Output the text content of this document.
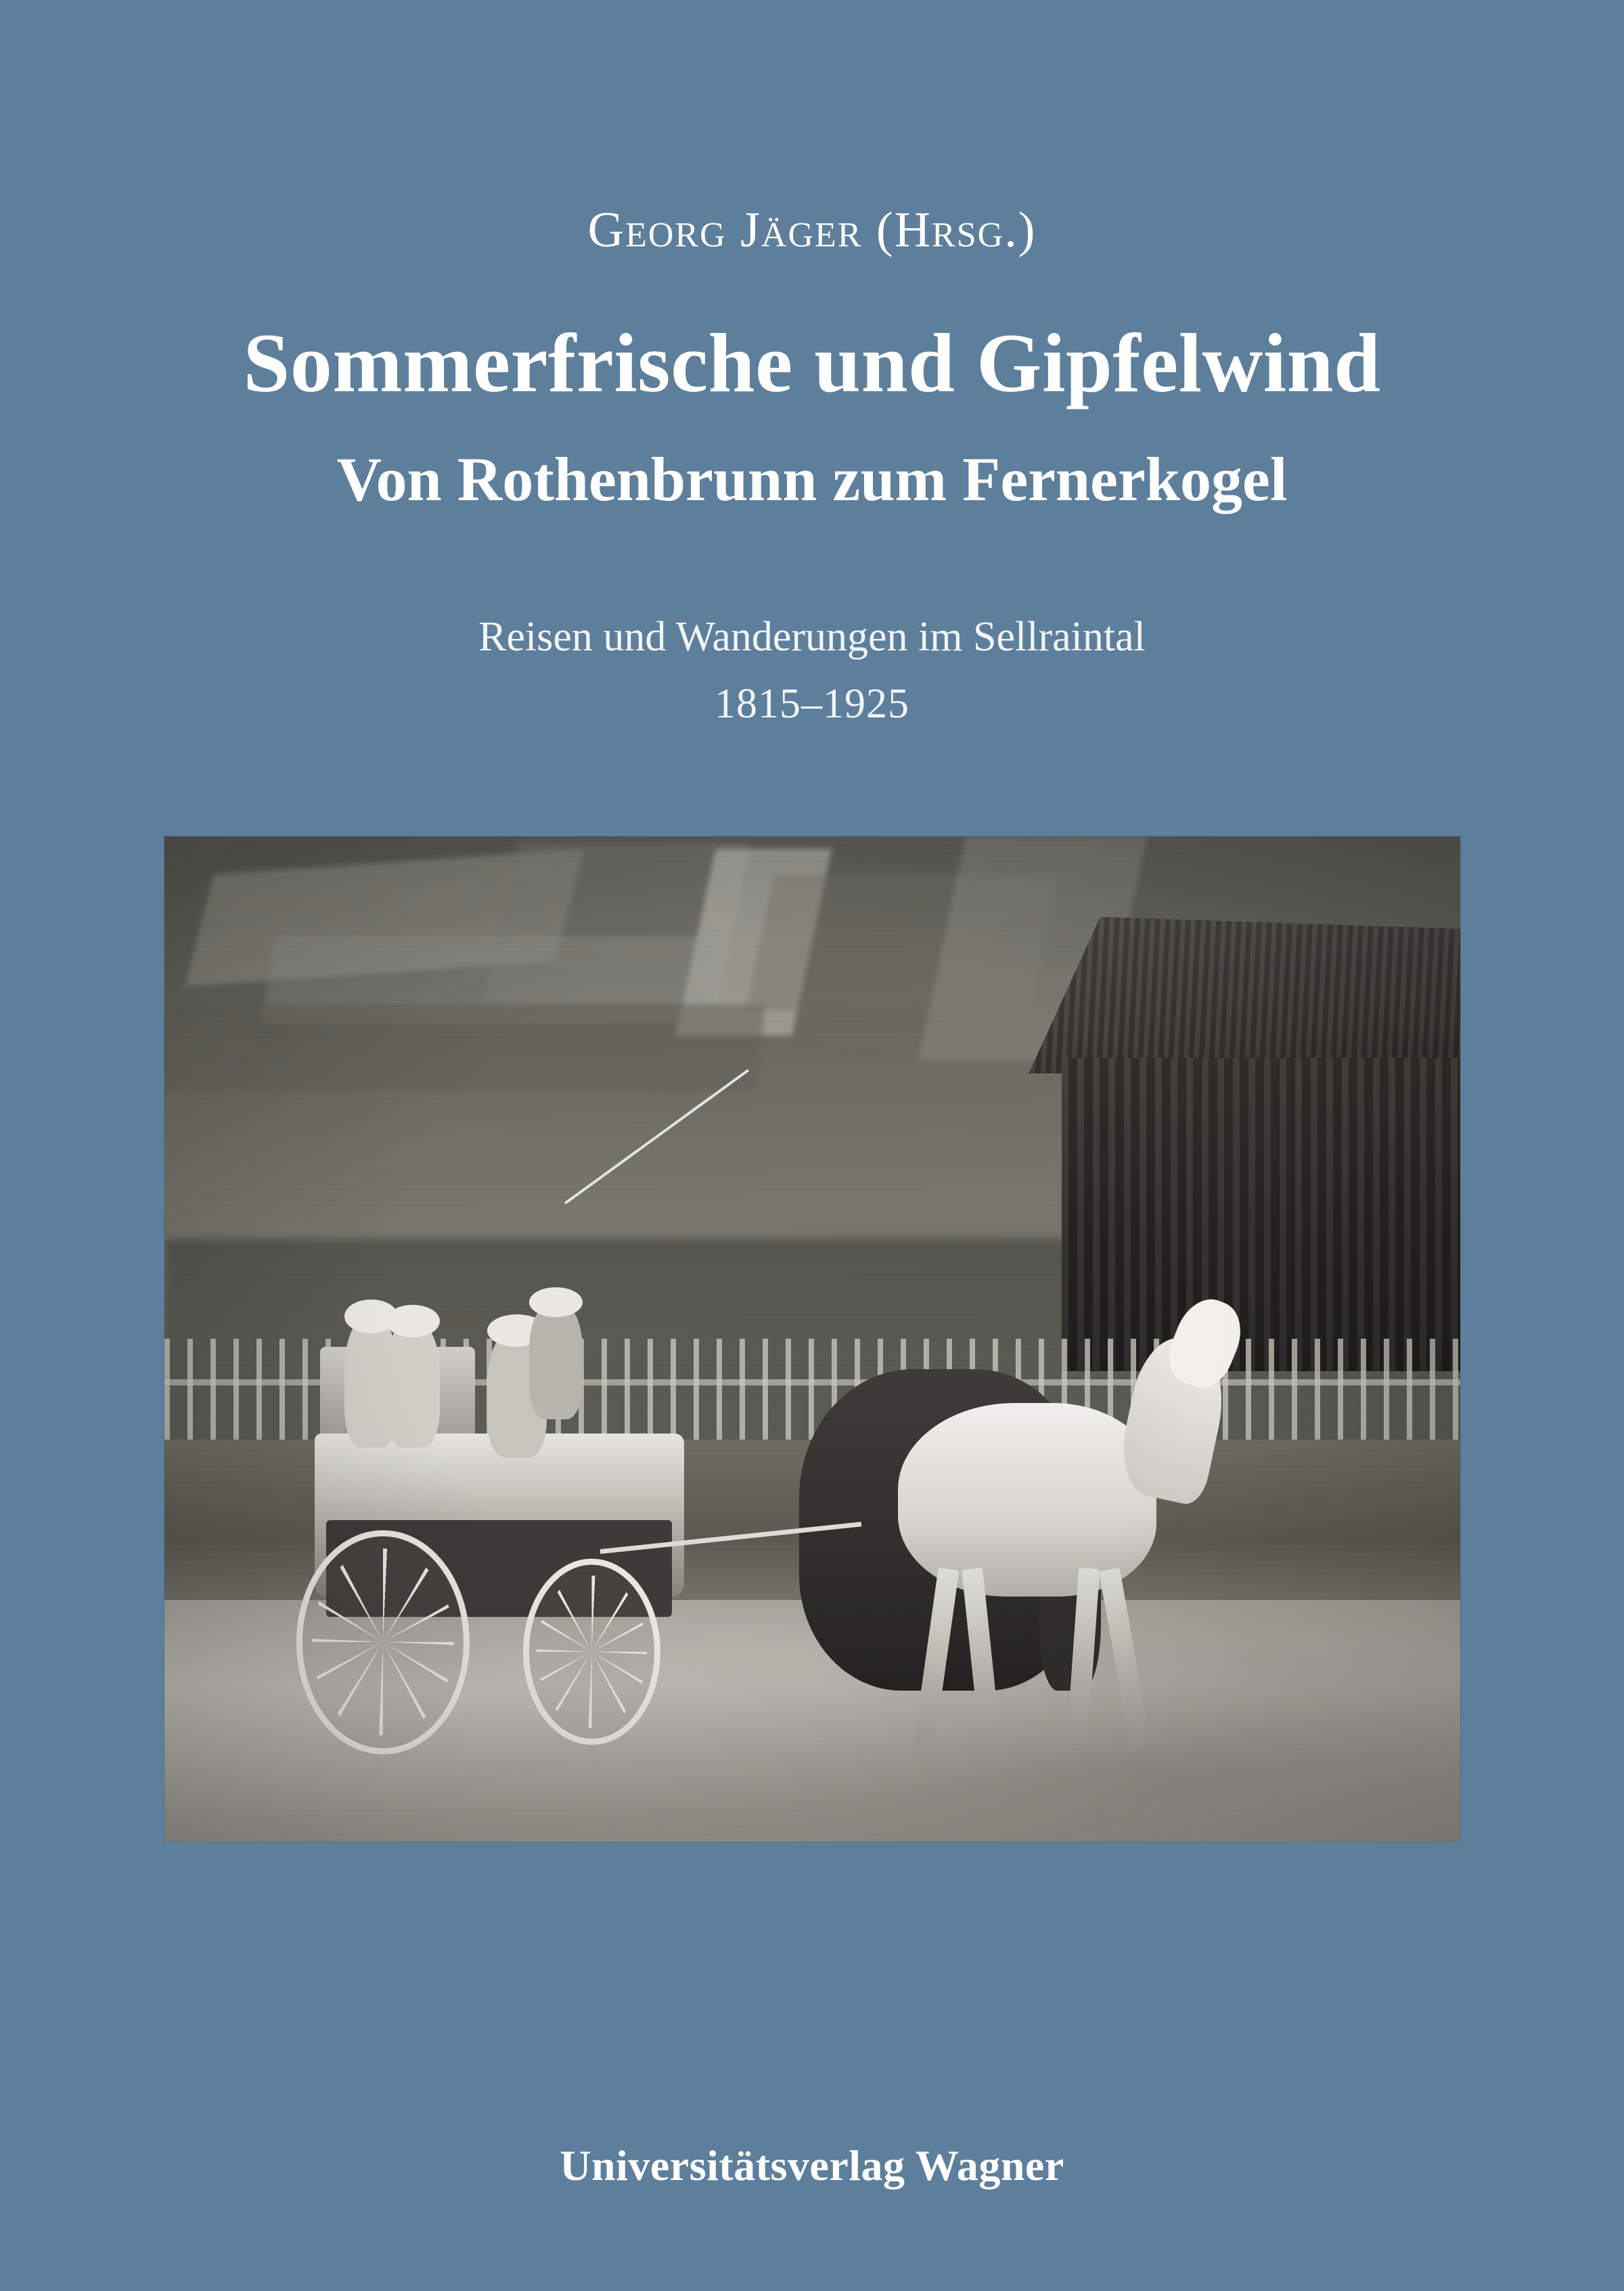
Georg Jäger (Hrsg.)
Sommerfrische und Gipfelwind
Von Rothenbrunn zum Fernerkogel
Reisen und Wanderungen im Sellraintal
1815–1925
Universitätsverlag Wagner
